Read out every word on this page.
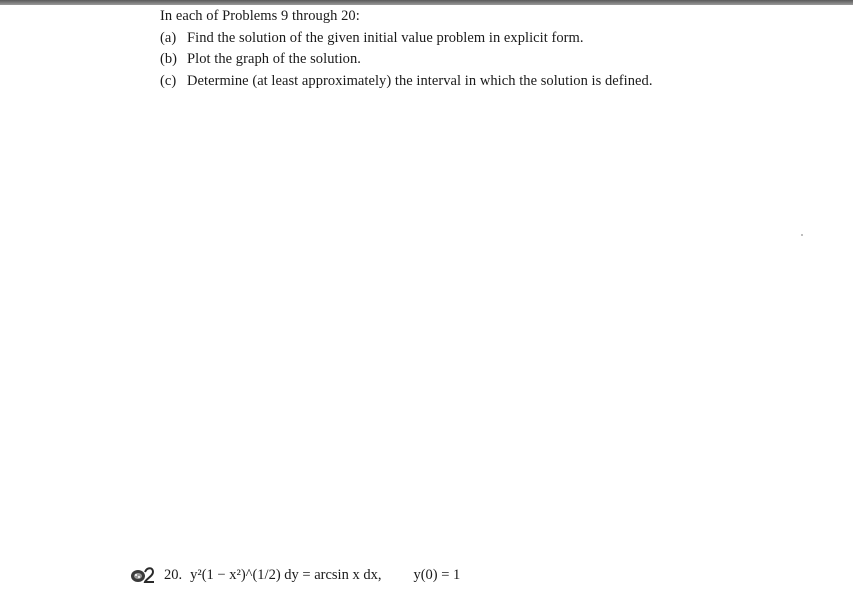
In each of Problems 9 through 20:
(a) Find the solution of the given initial value problem in explicit form.
(b) Plot the graph of the solution.
(c) Determine (at least approximately) the interval in which the solution is defined.
20. y²(1 − x²)^(1/2) dy = arcsin x dx, y(0) = 1
